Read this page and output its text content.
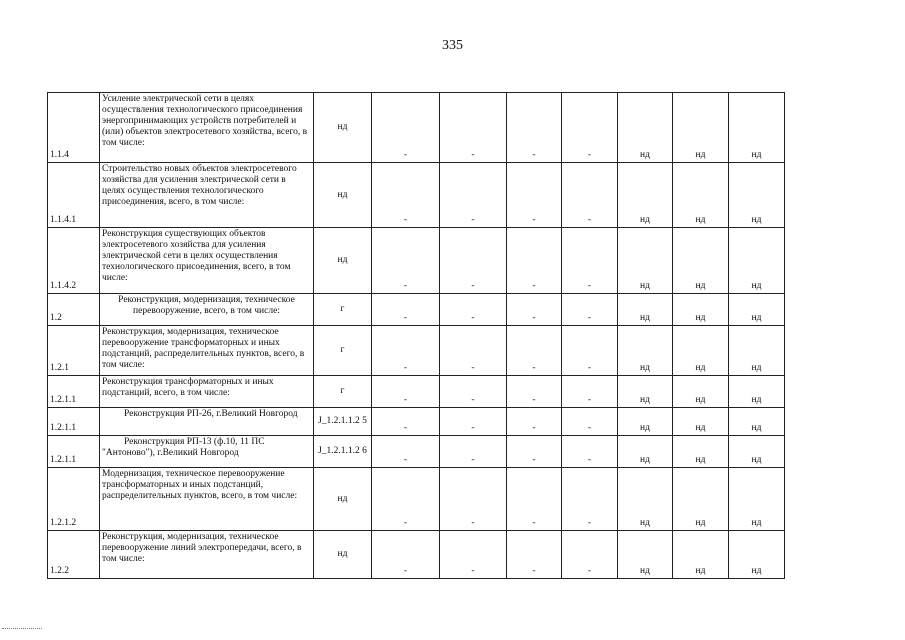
335
1.1.4	Усиление электрической сети в целях осуществления технологического присоединения энергопринимающих устройств потребителей и (или) объектов электросетевого хозяйства, всего, в том числе:	нд	-	-	-	-	нд	нд	нд
1.1.4.1	Строительство новых объектов электросетевого хозяйства для усиления электрической сети в целях осуществления технологического присоединения, всего, в том числе:	нд	-	-	-	-	нд	нд	нд
1.1.4.2	Реконструкция существующих объектов электросетевого хозяйства для усиления электрической сети в целях осуществления технологического присоединения, всего, в том числе:	нд	-	-	-	-	нд	нд	нд
1.2	Реконструкция, модернизация, техническое перевооружение, всего, в том числе:	г	-	-	-	-	нд	нд	нд
1.2.1	Реконструкция, модернизация, техническое перевооружение трансформаторных и иных подстанций, распределительных пунктов, всего, в том числе:	г	-	-	-	-	нд	нд	нд
1.2.1.1	Реконструкция трансформаторных и иных подстанций, всего, в том числе:	г	-	-	-	-	нд	нд	нд
1.2.1.1	Реконструкция РП-26, г.Великий Новгород	J_1.2.1.1.2 5	-	-	-	-	нд	нд	нд
1.2.1.1	Реконструкция РП-13 (ф.10, 11 ПС "Антоново"), г.Великий Новгород	J_1.2.1.1.2 6	-	-	-	-	нд	нд	нд
1.2.1.2	Модернизация, техническое перевооружение трансформаторных и иных подстанций, распределительных пунктов, всего, в том числе:	нд	-	-	-	-	нд	нд	нд
1.2.2	Реконструкция, модернизация, техническое перевооружение линий электропередачи, всего, в том числе:	нд	-	-	-	-	нд	нд	нд
